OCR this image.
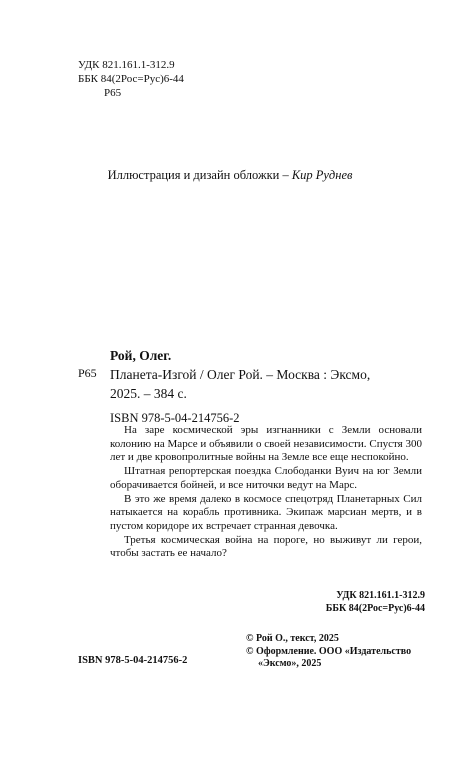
УДК 821.161.1-312.9
ББК 84(2Рос=Рус)6-44
Р65
Иллюстрация и дизайн обложки – Кир Руднев
Р65
Рой, Олег.
Планета-Изгой / Олег Рой. – Москва : Эксмо,
2025. – 384 с.
ISBN 978-5-04-214756-2

На заре космической эры изгнанники с Земли основали колонию на Марсе и объявили о своей независимости. Спустя 300 лет и две кровопролитные войны на Земле все еще неспокойно.

Штатная репортерская поездка Слободанки Вуич на юг Земли оборачивается бойней, и все ниточки ведут на Марс.

В это же время далеко в космосе спецотряд Планетарных Сил натыкается на корабль противника. Экипаж марсиан мертв, и в пустом коридоре их встречает странная девочка.

Третья космическая война на пороге, но выживут ли герои, чтобы застать ее начало?

УДК 821.161.1-312.9
ББК 84(2Рос=Рус)6-44
© Рой О., текст, 2025
© Оформление. ООО «Издательство
«Эксмо», 2025
ISBN 978-5-04-214756-2
